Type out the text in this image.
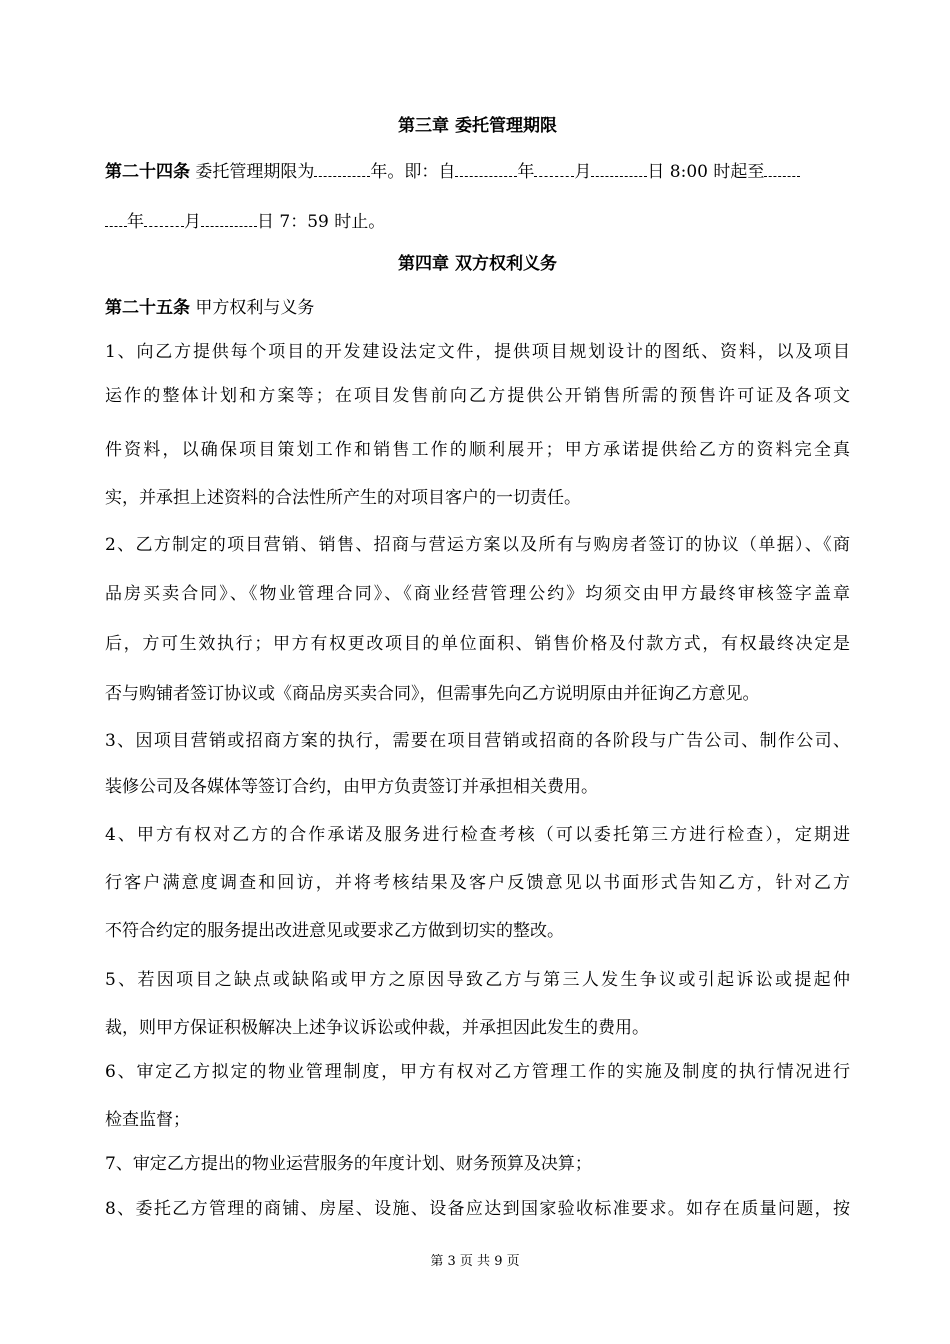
第三章 委托管理期限
第二十四条 委托管理期限为	年。即：自	年 月	日 8:00 时起至
年 月	日 7：59 时止。
第四章 双方权利义务
第二十五条 甲方权利与义务
1、向乙方提供每个项目的开发建设法定文件，提供项目规划设计的图纸、资料，以及项目
运作的整体计划和方案等；在项目发售前向乙方提供公开销售所需的预售许可证及各项文
件资料，以确保项目策划工作和销售工作的顺利展开；甲方承诺提供给乙方的资料完全真
实，并承担上述资料的合法性所产生的对项目客户的一切责任。
2、乙方制定的项目营销、销售、招商与营运方案以及所有与购房者签订的协议（单据）、《商
品房买卖合同》、《物业管理合同》、《商业经营管理公约》均须交由甲方最终审核签字盖章
后，方可生效执行；甲方有权更改项目的单位面积、销售价格及付款方式，有权最终决定是
否与购铺者签订协议或《商品房买卖合同》，但需事先向乙方说明原由并征询乙方意见。
3、因项目营销或招商方案的执行，需要在项目营销或招商的各阶段与广告公司、制作公司、
装修公司及各媒体等签订合约，由甲方负责签订并承担相关费用。
4、甲方有权对乙方的合作承诺及服务进行检查考核（可以委托第三方进行检查），定期进
行客户满意度调查和回访，并将考核结果及客户反馈意见以书面形式告知乙方，针对乙方
不符合约定的服务提出改进意见或要求乙方做到切实的整改。
5、若因项目之缺点或缺陷或甲方之原因导致乙方与第三人发生争议或引起诉讼或提起仲
裁，则甲方保证积极解决上述争议诉讼或仲裁，并承担因此发生的费用。
6、审定乙方拟定的物业管理制度，甲方有权对乙方管理工作的实施及制度的执行情况进行
检查监督；
7、审定乙方提出的物业运营服务的年度计划、财务预算及决算；
8、委托乙方管理的商铺、房屋、设施、设备应达到国家验收标准要求。如存在质量问题，按
第 3 页 共 9 页
